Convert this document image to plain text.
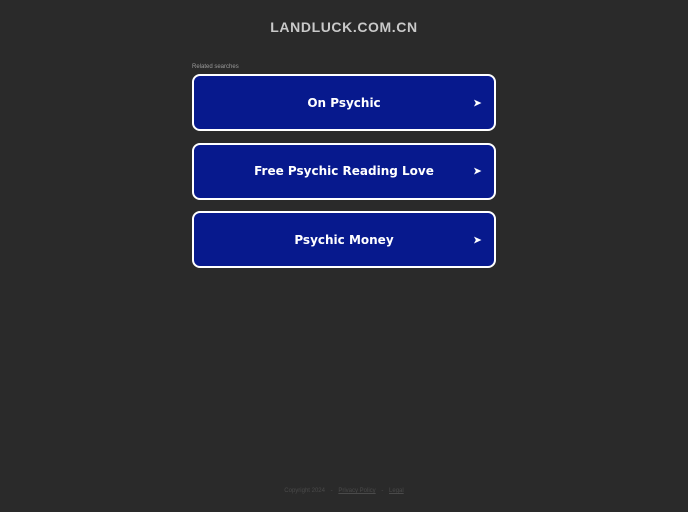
LANDLUCK.COM.CN
Related searches
On Psychic	➤
Free Psychic Reading Love	➤
Psychic Money	➤
Copyright 2024 - Privacy Policy - Legal
